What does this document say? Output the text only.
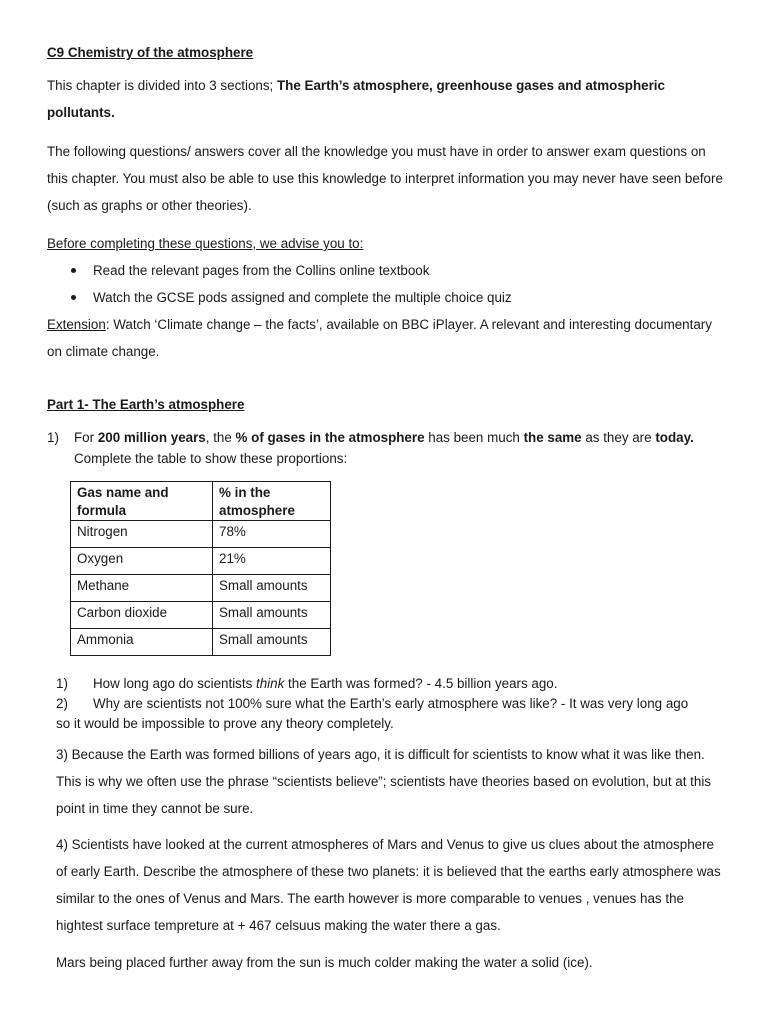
C9 Chemistry of the atmosphere

This chapter is divided into 3 sections; The Earth’s atmosphere, greenhouse gases and atmospheric pollutants.

The following questions/ answers cover all the knowledge you must have in order to answer exam questions on this chapter. You must also be able to use this knowledge to interpret information you may never have seen before (such as graphs or other theories).

Before completing these questions, we advise you to:

Read the relevant pages from the Collins online textbook
Watch the GCSE pods assigned and complete the multiple choice quiz

Extension: Watch ‘Climate change – the facts’, available on BBC iPlayer. A relevant and interesting documentary on climate change.

Part 1- The Earth’s atmosphere

1) For 200 million years, the % of gases in the atmosphere has been much the same as they are today.
Complete the table to show these proportions:

Gas name and formula	% in the atmosphere
Nitrogen	78%
Oxygen	21%
Methane	Small amounts
Carbon dioxide	Small amounts
Ammonia	Small amounts
1) How long ago do scientists think the Earth was formed? - 4.5 billion years ago.
2) Why are scientists not 100% sure what the Earth’s early atmosphere was like? - It was very long ago
so it would be impossible to prove any theory completely.

3) Because the Earth was formed billions of years ago, it is difficult for scientists to know what it was like then. This is why we often use the phrase “scientists believe”; scientists have theories based on evolution, but at this point in time they cannot be sure.

4) Scientists have looked at the current atmospheres of Mars and Venus to give us clues about the atmosphere of early Earth. Describe the atmosphere of these two planets: it is believed that the earths early atmosphere was similar to the ones of Venus and Mars. The earth however is more comparable to venues , venues has the hightest surface tempreture at + 467 celsuus making the water there a gas.

Mars being placed further away from the sun is much colder making the water a solid (ice).
